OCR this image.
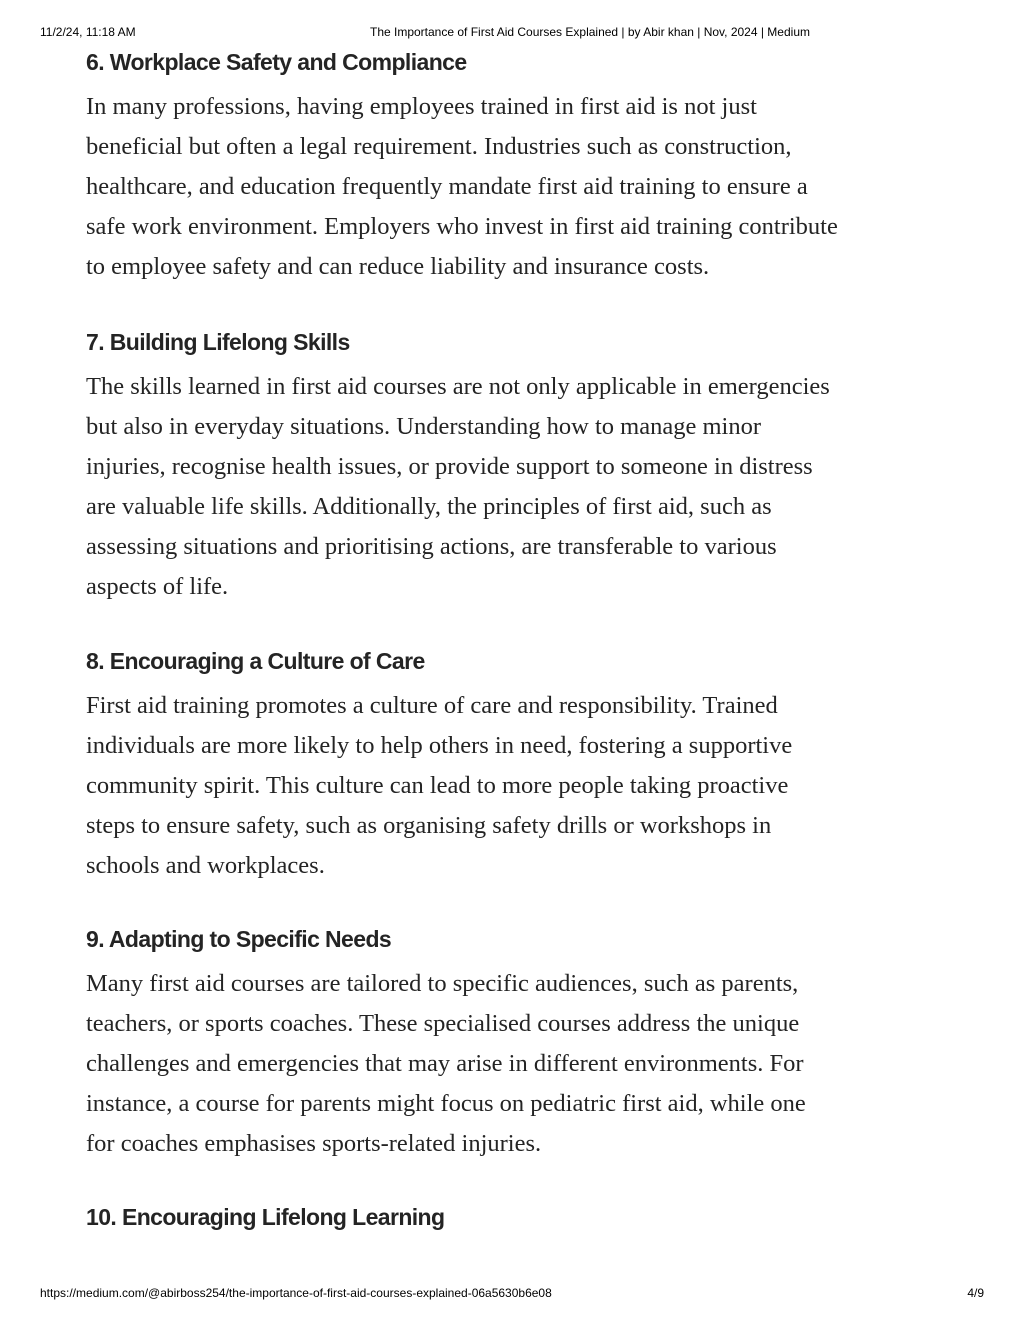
11/2/24, 11:18 AM	The Importance of First Aid Courses Explained | by Abir khan | Nov, 2024 | Medium
6. Workplace Safety and Compliance

In many professions, having employees trained in first aid is not just
beneficial but often a legal requirement. Industries such as construction,
healthcare, and education frequently mandate first aid training to ensure a
safe work environment. Employers who invest in first aid training contribute
to employee safety and can reduce liability and insurance costs.

7. Building Lifelong Skills

The skills learned in first aid courses are not only applicable in emergencies
but also in everyday situations. Understanding how to manage minor
injuries, recognise health issues, or provide support to someone in distress
are valuable life skills. Additionally, the principles of first aid, such as
assessing situations and prioritising actions, are transferable to various
aspects of life.

8. Encouraging a Culture of Care

First aid training promotes a culture of care and responsibility. Trained
individuals are more likely to help others in need, fostering a supportive
community spirit. This culture can lead to more people taking proactive
steps to ensure safety, such as organising safety drills or workshops in
schools and workplaces.

9. Adapting to Specific Needs

Many first aid courses are tailored to specific audiences, such as parents,
teachers, or sports coaches. These specialised courses address the unique
challenges and emergencies that may arise in different environments. For
instance, a course for parents might focus on pediatric first aid, while one
for coaches emphasises sports-related injuries.

10. Encouraging Lifelong Learning
https://medium.com/@abirboss254/the-importance-of-first-aid-courses-explained-06a5630b6e08	4/9
